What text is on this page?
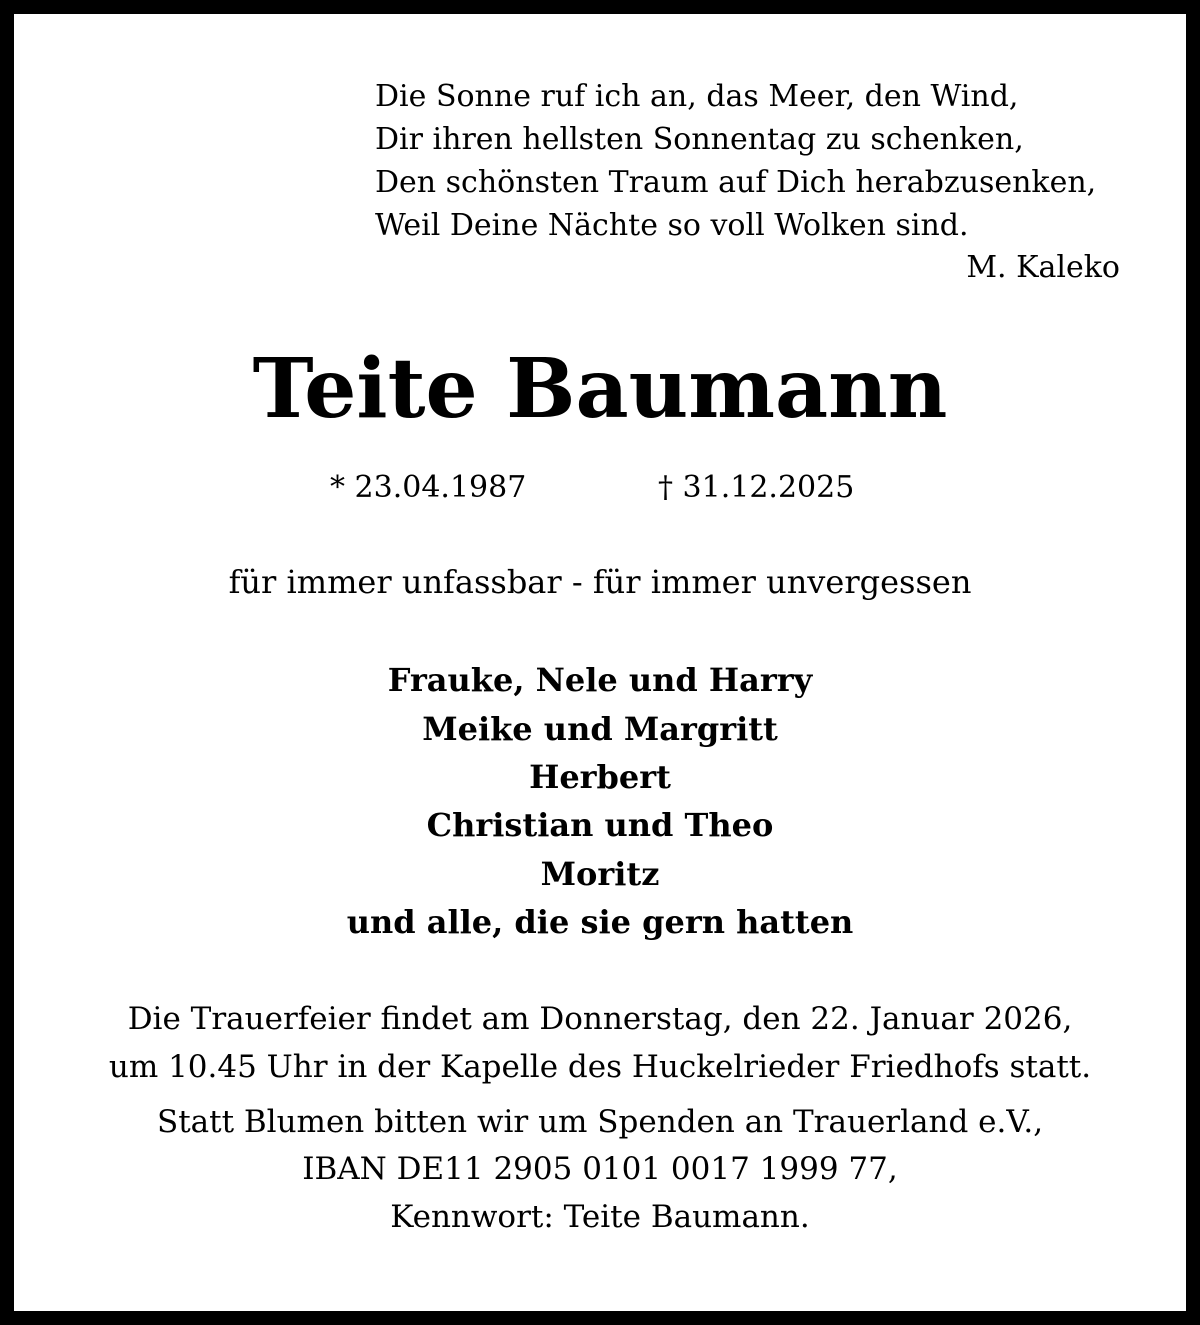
Die Sonne ruf ich an, das Meer, den Wind,
Dir ihren hellsten Sonnentag zu schenken,
Den schönsten Traum auf Dich herabzusenken,
Weil Deine Nächte so voll Wolken sind.
M. Kaleko
Teite Baumann
* 23.04.1987	† 31.12.2025
für immer unfassbar - für immer unvergessen
Frauke, Nele und Harry
Meike und Margritt
Herbert
Christian und Theo
Moritz
und alle, die sie gern hatten
Die Trauerfeier findet am Donnerstag, den 22. Januar 2026,
um 10.45 Uhr in der Kapelle des Huckelrieder Friedhofs statt.
Statt Blumen bitten wir um Spenden an Trauerland e.V.,
IBAN DE11 2905 0101 0017 1999 77,
Kennwort: Teite Baumann.
